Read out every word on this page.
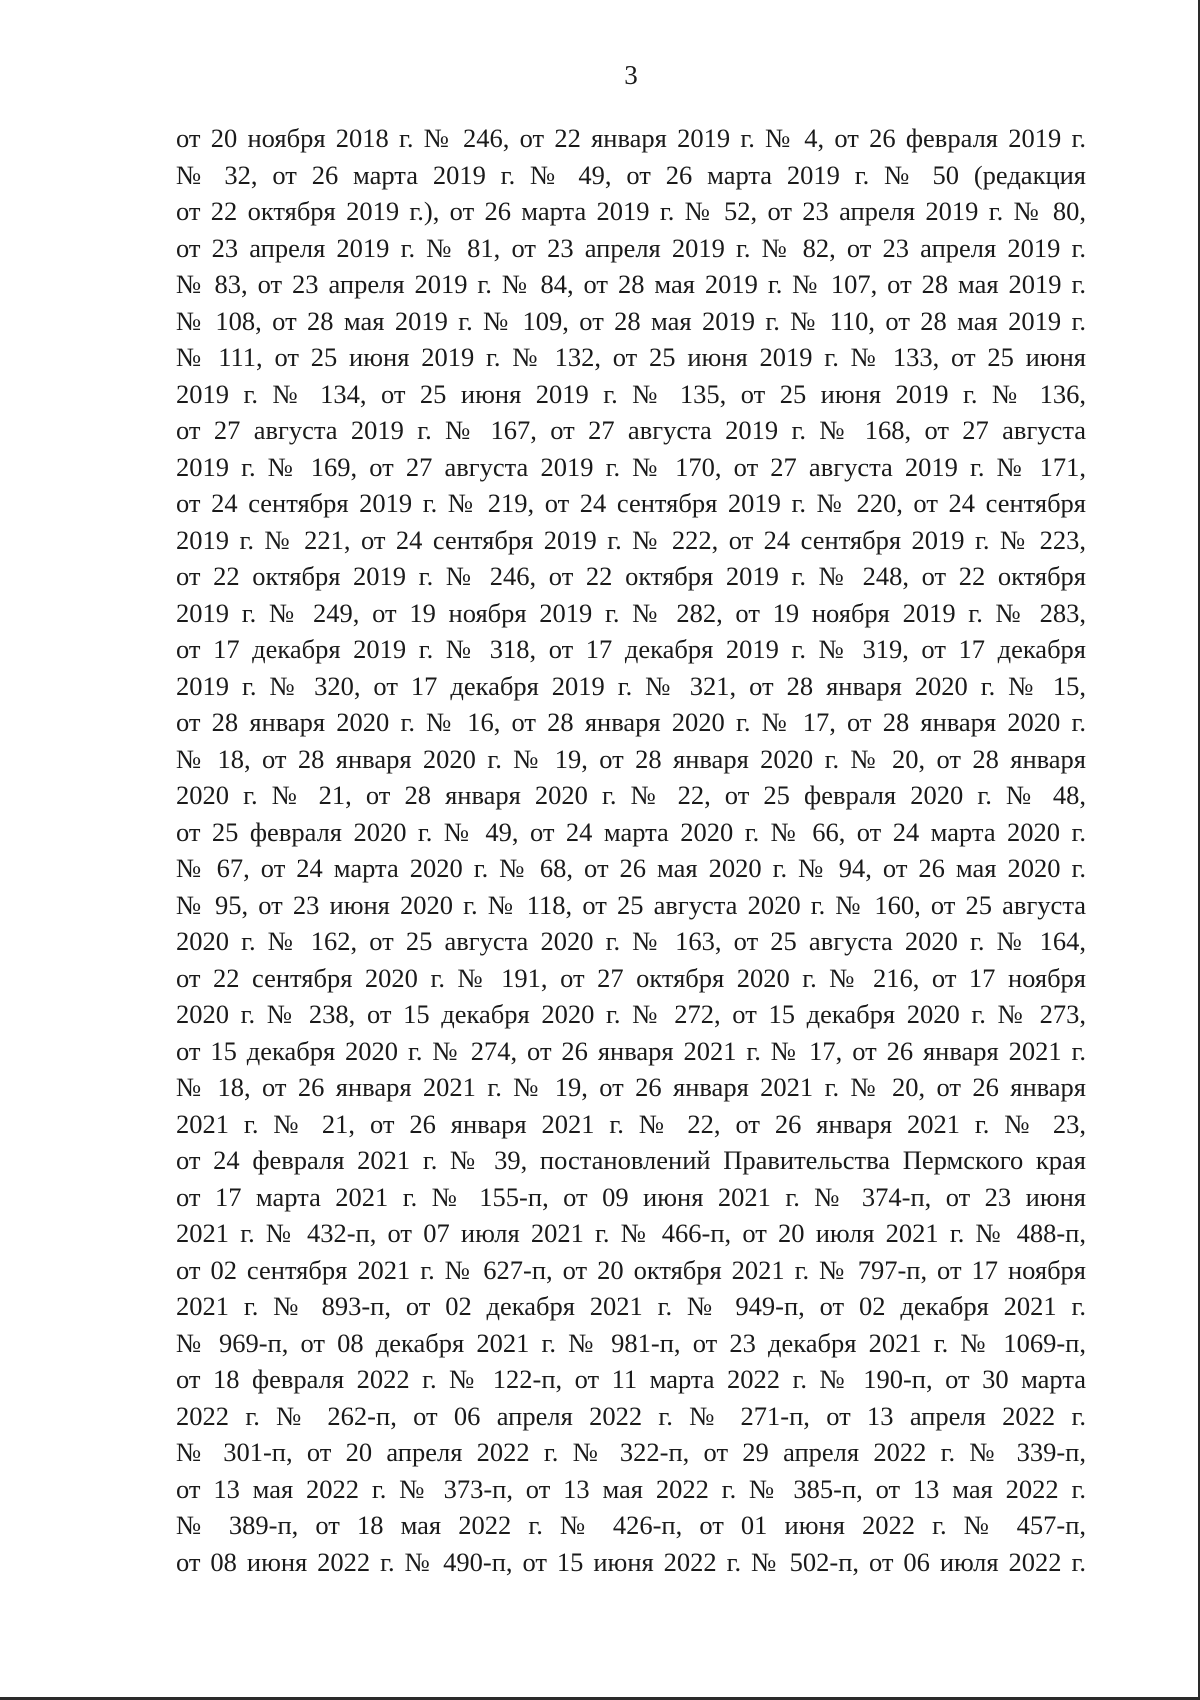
3
от 20 ноября 2018 г. № 246, от 22 января 2019 г. № 4, от 26 февраля 2019 г.
№ 32, от 26 марта 2019 г. № 49, от 26 марта 2019 г. № 50 (редакция
от 22 октября 2019 г.), от 26 марта 2019 г. № 52, от 23 апреля 2019 г. № 80,
от 23 апреля 2019 г. № 81, от 23 апреля 2019 г. № 82, от 23 апреля 2019 г.
№ 83, от 23 апреля 2019 г. № 84, от 28 мая 2019 г. № 107, от 28 мая 2019 г.
№ 108, от 28 мая 2019 г. № 109, от 28 мая 2019 г. № 110, от 28 мая 2019 г.
№ 111, от 25 июня 2019 г. № 132, от 25 июня 2019 г. № 133, от 25 июня
2019 г. № 134, от 25 июня 2019 г. № 135, от 25 июня 2019 г. № 136,
от 27 августа 2019 г. № 167, от 27 августа 2019 г. № 168, от 27 августа
2019 г. № 169, от 27 августа 2019 г. № 170, от 27 августа 2019 г. № 171,
от 24 сентября 2019 г. № 219, от 24 сентября 2019 г. № 220, от 24 сентября
2019 г. № 221, от 24 сентября 2019 г. № 222, от 24 сентября 2019 г. № 223,
от 22 октября 2019 г. № 246, от 22 октября 2019 г. № 248, от 22 октября
2019 г. № 249, от 19 ноября 2019 г. № 282, от 19 ноября 2019 г. № 283,
от 17 декабря 2019 г. № 318, от 17 декабря 2019 г. № 319, от 17 декабря
2019 г. № 320, от 17 декабря 2019 г. № 321, от 28 января 2020 г. № 15,
от 28 января 2020 г. № 16, от 28 января 2020 г. № 17, от 28 января 2020 г.
№ 18, от 28 января 2020 г. № 19, от 28 января 2020 г. № 20, от 28 января
2020 г. № 21, от 28 января 2020 г. № 22, от 25 февраля 2020 г. № 48,
от 25 февраля 2020 г. № 49, от 24 марта 2020 г. № 66, от 24 марта 2020 г.
№ 67, от 24 марта 2020 г. № 68, от 26 мая 2020 г. № 94, от 26 мая 2020 г.
№ 95, от 23 июня 2020 г. № 118, от 25 августа 2020 г. № 160, от 25 августа
2020 г. № 162, от 25 августа 2020 г. № 163, от 25 августа 2020 г. № 164,
от 22 сентября 2020 г. № 191, от 27 октября 2020 г. № 216, от 17 ноября
2020 г. № 238, от 15 декабря 2020 г. № 272, от 15 декабря 2020 г. № 273,
от 15 декабря 2020 г. № 274, от 26 января 2021 г. № 17, от 26 января 2021 г.
№ 18, от 26 января 2021 г. № 19, от 26 января 2021 г. № 20, от 26 января
2021 г. № 21, от 26 января 2021 г. № 22, от 26 января 2021 г. № 23,
от 24 февраля 2021 г. № 39, постановлений Правительства Пермского края
от 17 марта 2021 г. № 155-п, от 09 июня 2021 г. № 374-п, от 23 июня
2021 г. № 432-п, от 07 июля 2021 г. № 466-п, от 20 июля 2021 г. № 488-п,
от 02 сентября 2021 г. № 627-п, от 20 октября 2021 г. № 797-п, от 17 ноября
2021 г. № 893-п, от 02 декабря 2021 г. № 949-п, от 02 декабря 2021 г.
№ 969-п, от 08 декабря 2021 г. № 981-п, от 23 декабря 2021 г. № 1069-п,
от 18 февраля 2022 г. № 122-п, от 11 марта 2022 г. № 190-п, от 30 марта
2022 г. № 262-п, от 06 апреля 2022 г. № 271-п, от 13 апреля 2022 г.
№ 301-п, от 20 апреля 2022 г. № 322-п, от 29 апреля 2022 г. № 339-п,
от 13 мая 2022 г. № 373-п, от 13 мая 2022 г. № 385-п, от 13 мая 2022 г.
№ 389-п, от 18 мая 2022 г. № 426-п, от 01 июня 2022 г. № 457-п,
от 08 июня 2022 г. № 490-п, от 15 июня 2022 г. № 502-п, от 06 июля 2022 г.
